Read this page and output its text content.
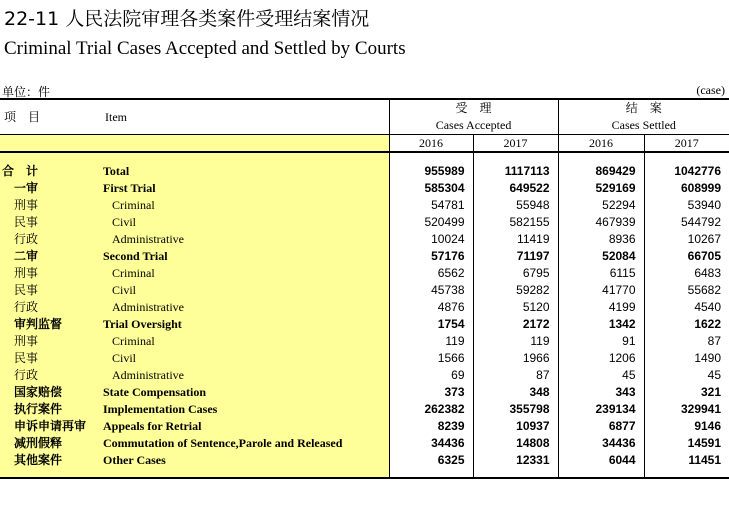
22-11 人民法院审理各类案件受理结案情况
Criminal Trial Cases Accepted and Settled by Courts
单位：件	(case)
项　目	Item	受　理		结　案	
		Cases Accepted		Cases Settled	
		2016	2017	2016	2017

合　计	Total	955989	1117113	869429	1042776
一审	First Trial	585304	649522	529169	608999
刑事	Criminal	54781	55948	52294	53940
民事	Civil	520499	582155	467939	544792
行政	Administrative	10024	11419	8936	10267
二审	Second Trial	57176	71197	52084	66705
刑事	Criminal	6562	6795	6115	6483
民事	Civil	45738	59282	41770	55682
行政	Administrative	4876	5120	4199	4540
审判监督	Trial Oversight	1754	2172	1342	1622
刑事	Criminal	119	119	91	87
民事	Civil	1566	1966	1206	1490
行政	Administrative	69	87	45	45
国家赔偿	State Compensation	373	348	343	321
执行案件	Implementation Cases	262382	355798	239134	329941
申诉申请再审	Appeals for Retrial	8239	10937	6877	9146
减刑假释	Commutation of Sentence,Parole and Released	34436	14808	34436	14591
其他案件	Other Cases	6325	12331	6044	11451
